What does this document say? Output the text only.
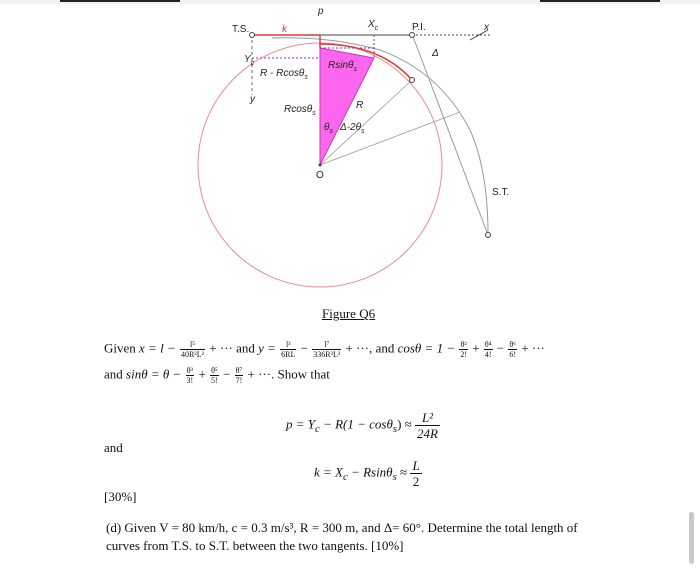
p
$X_c$
T.S.	k	P.I.	x
$Y_c$
R - Rcosθ$_s$
Rsinθ$_s$
Δ
y
Rcosθ$_s$
R
$\theta_s$ $\Delta-2\theta_s$
O
S.T.
Figure Q6
Given $x = l - \frac{\text{l⁵}}{\text{40R²L²}}$ + ··· and $y = \frac{\text{l³}}{6RL} - \frac{\text{l⁷}}{\text{336R³L³}}$ + ···, and $\cos\theta = 1 - \frac{\text{θ²}}{2!} + \frac{\text{θ⁴}}{4!} - \frac{\text{θ⁶}}{6!}$ + ···
and $\sin\theta = \theta - \frac{\text{θ³}}{3!} + \frac{\text{θ⁵}}{5!} - \frac{\text{θ⁷}}{7!}$ + ···. Show that
$p = Y_c - R(1 - \cos\theta_s) \approx \frac{\text{L²}}{24R}$
and
$k = X_c - Rsin\theta_s \approx \frac{L}{2}$
[30%]
(d) Given V = 80 km/h, c = 0.3 m/s³, R = 300 m, and Δ= 60°. Determine the total length of
curves from T.S. to S.T. between the two tangents. [10%]
